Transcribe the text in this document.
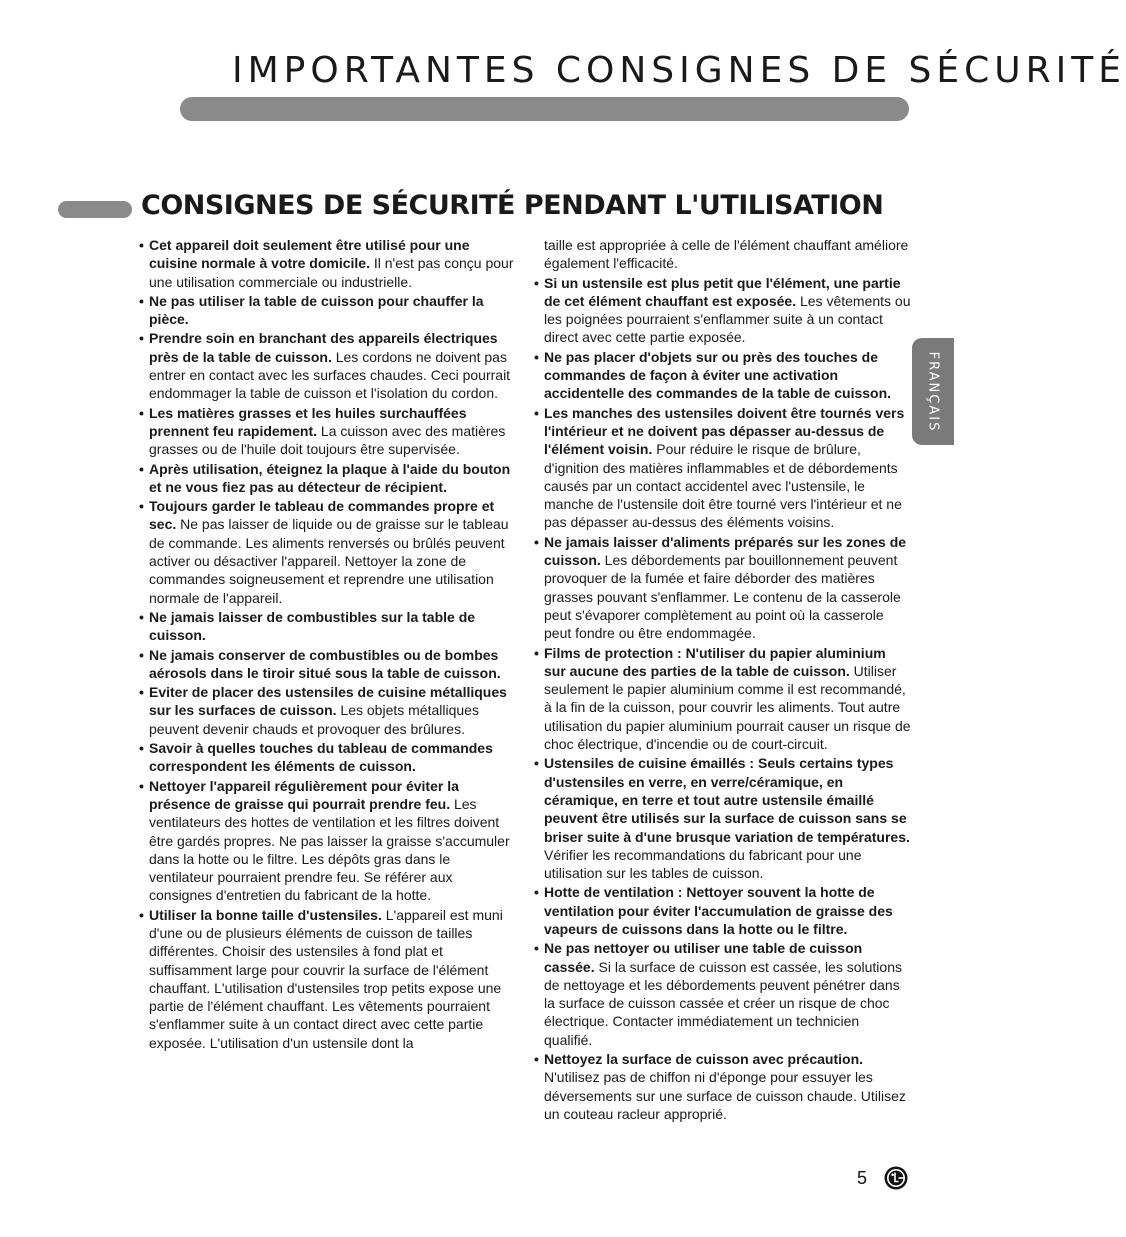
IMPORTANTES CONSIGNES DE SÉCURITÉ
CONSIGNES DE SÉCURITÉ PENDANT L'UTILISATION
• Cet appareil doit seulement être utilisé pour une cuisine normale à votre domicile. Il n'est pas conçu pour une utilisation commerciale ou industrielle.
• Ne pas utiliser la table de cuisson pour chauffer la pièce.
• Prendre soin en branchant des appareils électriques près de la table de cuisson. Les cordons ne doivent pas entrer en contact avec les surfaces chaudes. Ceci pourrait endommager la table de cuisson et l'isolation du cordon.
• Les matières grasses et les huiles surchauffées prennent feu rapidement. La cuisson avec des matières grasses ou de l'huile doit toujours être supervisée.
• Après utilisation, éteignez la plaque à l'aide du bouton et ne vous fiez pas au détecteur de récipient.
• Toujours garder le tableau de commandes propre et sec. Ne pas laisser de liquide ou de graisse sur le tableau de commande. Les aliments renversés ou brûlés peuvent activer ou désactiver l'appareil. Nettoyer la zone de commandes soigneusement et reprendre une utilisation normale de l'appareil.
• Ne jamais laisser de combustibles sur la table de cuisson.
• Ne jamais conserver de combustibles ou de bombes aérosols dans le tiroir situé sous la table de cuisson.
• Eviter de placer des ustensiles de cuisine métalliques sur les surfaces de cuisson. Les objets métalliques peuvent devenir chauds et provoquer des brûlures.
• Savoir à quelles touches du tableau de commandes correspondent les éléments de cuisson.
• Nettoyer l'appareil régulièrement pour éviter la présence de graisse qui pourrait prendre feu. Les ventilateurs des hottes de ventilation et les filtres doivent être gardés propres. Ne pas laisser la graisse s'accumuler dans la hotte ou le filtre. Les dépôts gras dans le ventilateur pourraient prendre feu. Se référer aux consignes d'entretien du fabricant de la hotte.
• Utiliser la bonne taille d'ustensiles. L'appareil est muni d'une ou de plusieurs éléments de cuisson de tailles différentes. Choisir des ustensiles à fond plat et suffisamment large pour couvrir la surface de l'élément chauffant. L'utilisation d'ustensiles trop petits expose une partie de l'élément chauffant. Les vêtements pourraient s'enflammer suite à un contact direct avec cette partie exposée. L'utilisation d'un ustensile dont la
taille est appropriée à celle de l'élément chauffant améliore également l'efficacité.
• Si un ustensile est plus petit que l'élément, une partie de cet élément chauffant est exposée. Les vêtements ou les poignées pourraient s'enflammer suite à un contact direct avec cette partie exposée.
• Ne pas placer d'objets sur ou près des touches de commandes de façon à éviter une activation accidentelle des commandes de la table de cuisson.
• Les manches des ustensiles doivent être tournés vers l'intérieur et ne doivent pas dépasser au-dessus de l'élément voisin. Pour réduire le risque de brûlure, d'ignition des matières inflammables et de débordements causés par un contact accidentel avec l'ustensile, le manche de l'ustensile doit être tourné vers l'intérieur et ne pas dépasser au-dessus des éléments voisins.
• Ne jamais laisser d'aliments préparés sur les zones de cuisson. Les débordements par bouillonnement peuvent provoquer de la fumée et faire déborder des matières grasses pouvant s'enflammer. Le contenu de la casserole peut s'évaporer complètement au point où la casserole peut fondre ou être endommagée.
• Films de protection : N'utiliser du papier aluminium sur aucune des parties de la table de cuisson. Utiliser seulement le papier aluminium comme il est recommandé, à la fin de la cuisson, pour couvrir les aliments. Tout autre utilisation du papier aluminium pourrait causer un risque de choc électrique, d'incendie ou de court-circuit.
• Ustensiles de cuisine émaillés : Seuls certains types d'ustensiles en verre, en verre/céramique, en céramique, en terre et tout autre ustensile émaillé peuvent être utilisés sur la surface de cuisson sans se briser suite à d'une brusque variation de températures. Vérifier les recommandations du fabricant pour une utilisation sur les tables de cuisson.
• Hotte de ventilation : Nettoyer souvent la hotte de ventilation pour éviter l'accumulation de graisse des vapeurs de cuissons dans la hotte ou le filtre.
• Ne pas nettoyer ou utiliser une table de cuisson cassée. Si la surface de cuisson est cassée, les solutions de nettoyage et les débordements peuvent pénétrer dans la surface de cuisson cassée et créer un risque de choc électrique. Contacter immédiatement un technicien qualifié.
• Nettoyez la surface de cuisson avec précaution. N'utilisez pas de chiffon ni d'éponge pour essuyer les déversements sur une surface de cuisson chaude. Utilisez un couteau racleur approprié.
FRANÇAIS
5
